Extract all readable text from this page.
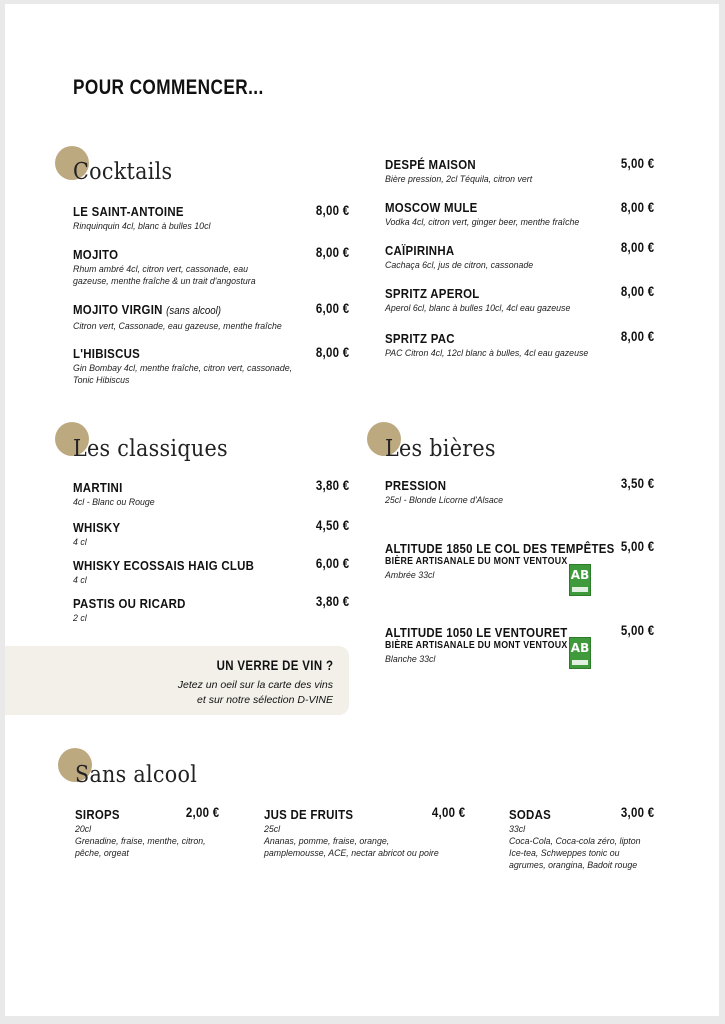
POUR COMMENCER...
Cocktails
LE SAINT-ANTOINE
Rinquinquin 4cl, blanc à bulles 10cl
8,00 €
MOJITO
Rhum ambré 4cl, citron vert, cassonade, eau
gazeuse, menthe fraîche & un trait d'angostura
8,00 €
MOJITO VIRGIN (sans alcool)
Citron vert, Cassonade, eau gazeuse, menthe fraîche
6,00 €
L'HIBISCUS
Gin Bombay 4cl, menthe fraîche, citron vert, cassonade,
Tonic Hibiscus
8,00 €
DESPÉ MAISON
Bière pression, 2cl Téquila, citron vert
5,00 €
MOSCOW MULE
Vodka 4cl, citron vert, ginger beer, menthe fraîche
8,00 €
CAÏPIRINHA
Cachaça 6cl, jus de citron, cassonade
8,00 €
SPRITZ APEROL
Aperol 6cl, blanc à bulles 10cl, 4cl eau gazeuse
8,00 €
SPRITZ PAC
PAC Citron 4cl, 12cl blanc à bulles, 4cl eau gazeuse
8,00 €
Les classiques
MARTINI
4cl - Blanc ou Rouge
3,80 €
WHISKY
4 cl
4,50 €
WHISKY ECOSSAIS HAIG CLUB
4 cl
6,00 €
PASTIS OU RICARD
2 cl
3,80 €
UN VERRE DE VIN ?
Jetez un oeil sur la carte des vins
et sur notre sélection D-VINE
Les bières
PRESSION
25cl - Blonde Licorne d'Alsace
3,50 €
ALTITUDE 1850 LE COL DES TEMPÊTES
BIÈRE ARTISANALE DU MONT VENTOUX
Ambrée 33cl
5,00 €
AB
ALTITUDE 1050 LE VENTOURET
BIÈRE ARTISANALE DU MONT VENTOUX
Blanche 33cl
5,00 €
AB
Sans alcool
SIROPS
20cl
Grenadine, fraise, menthe, citron,
pêche, orgeat
2,00 €	JUS DE FRUITS
25cl
Ananas, pomme, fraise, orange,
pamplemousse, ACE, nectar abricot ou poire
4,00 €	SODAS
33cl
Coca-Cola, Coca-cola zéro, lipton
Ice-tea, Schweppes tonic ou
agrumes, orangina, Badoit rouge
3,00 €
